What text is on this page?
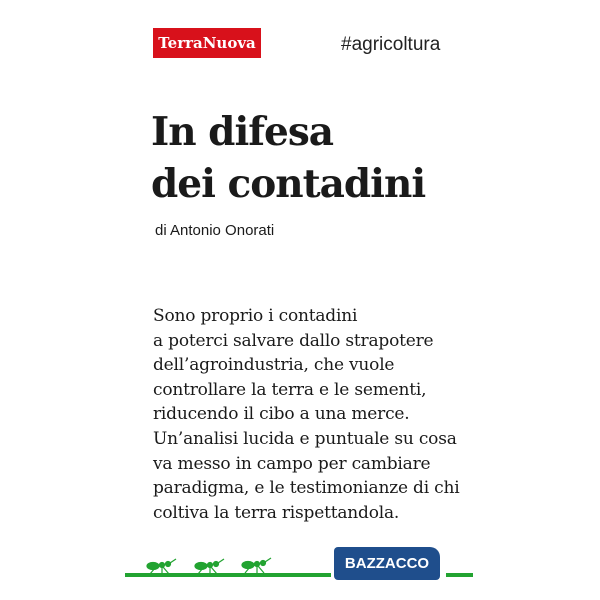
TerraNuova	#agricoltura
In difesa
dei contadini
di Antonio Onorati
Sono proprio i contadini
a poterci salvare dallo strapotere
dell’agroindustria, che vuole
controllare la terra e le sementi,
riducendo il cibo a una merce.
Un’analisi lucida e puntuale su cosa
va messo in campo per cambiare
paradigma, e le testimonianze di chi
coltiva la terra rispettandola.
BAZZACCO
